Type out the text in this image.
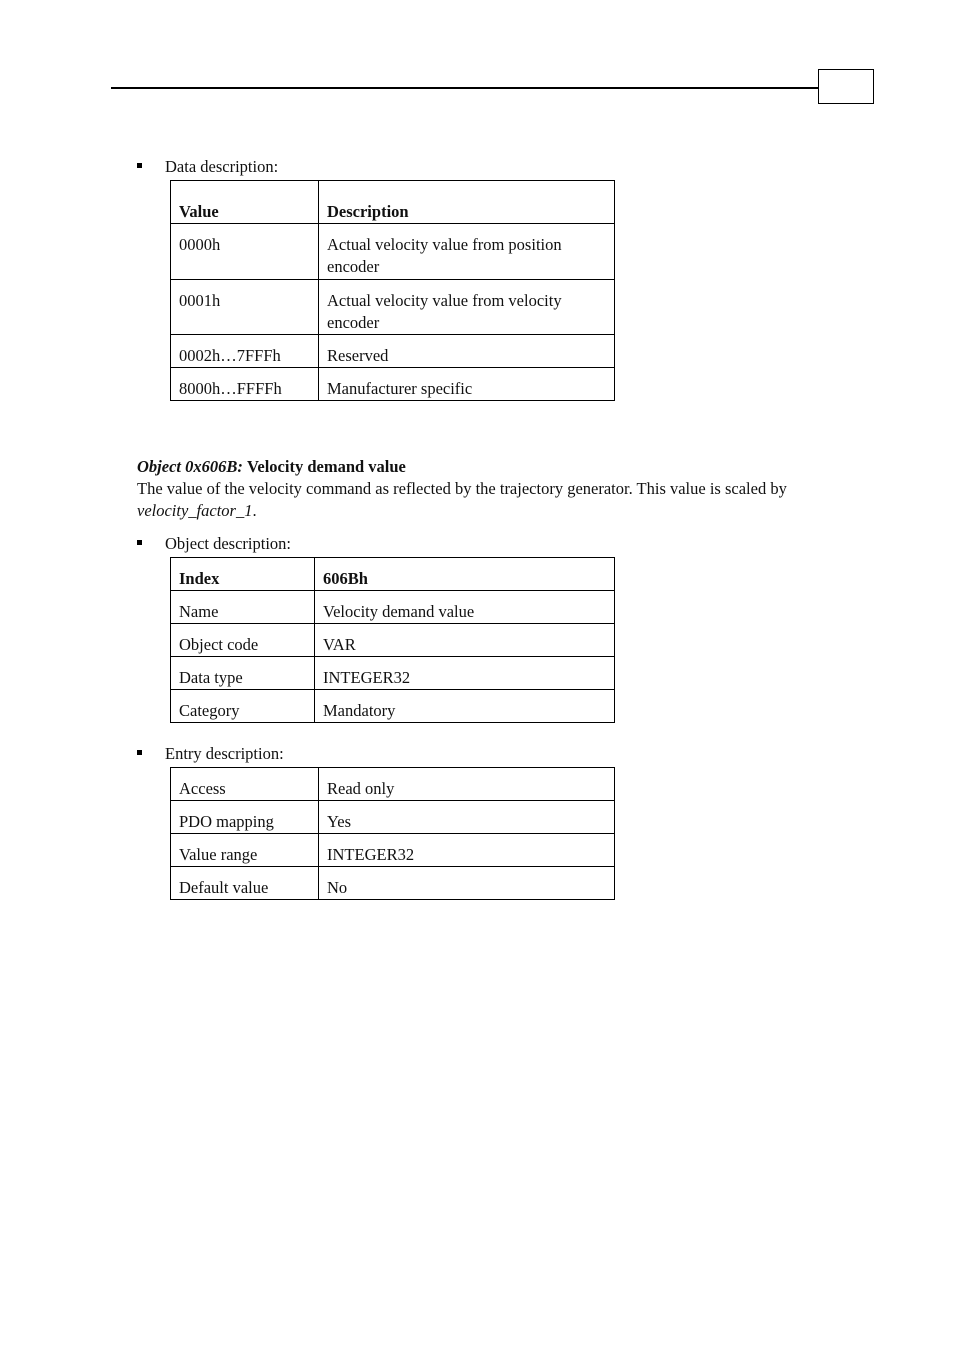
Data description:
Value	Description
0000h	Actual velocity value from position encoder
0001h	Actual velocity value from velocity encoder
0002h…7FFFh	Reserved
8000h…FFFFh	Manufacturer specific
Object 0x606B: Velocity demand value
The value of the velocity command as reflected by the trajectory generator. This value is scaled by velocity_factor_1.
Object description:
Index	606Bh
Name	Velocity demand value
Object code	VAR
Data type	INTEGER32
Category	Mandatory
Entry description:
Access	Read only
PDO mapping	Yes
Value range	INTEGER32
Default value	No
